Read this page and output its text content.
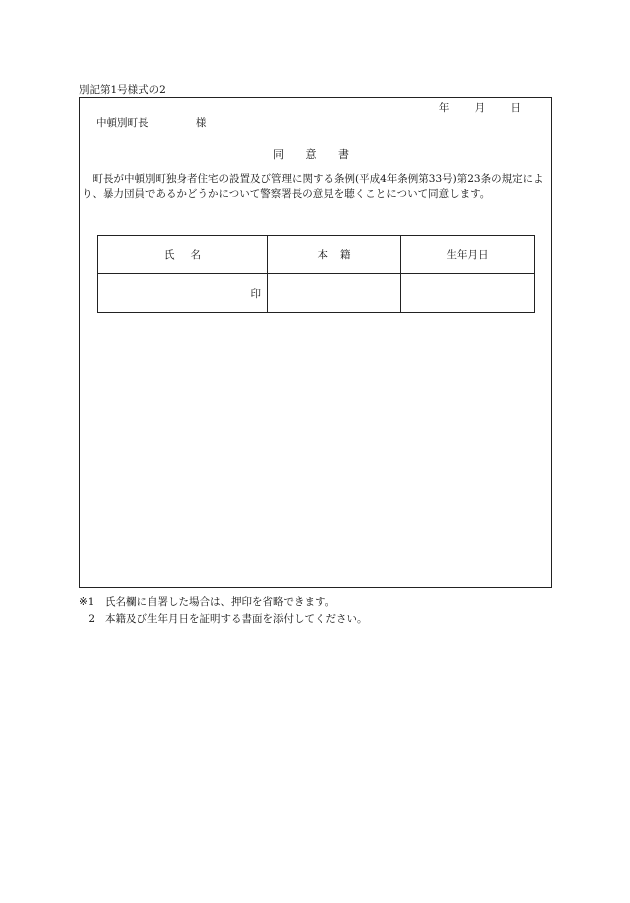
別記第1号様式の2
年 月 日
中頓別町長	様
同 意 書
町長が中頓別町独身者住宅の設置及び管理に関する条例(平成4年条例第33号)第23条の規定により、暴力団員であるかどうかについて警察署長の意見を聴くことについて同意します。
氏名	本籍	生年月日
印		
※1 氏名欄に自署した場合は、押印を省略できます。
2 本籍及び生年月日を証明する書面を添付してください。
